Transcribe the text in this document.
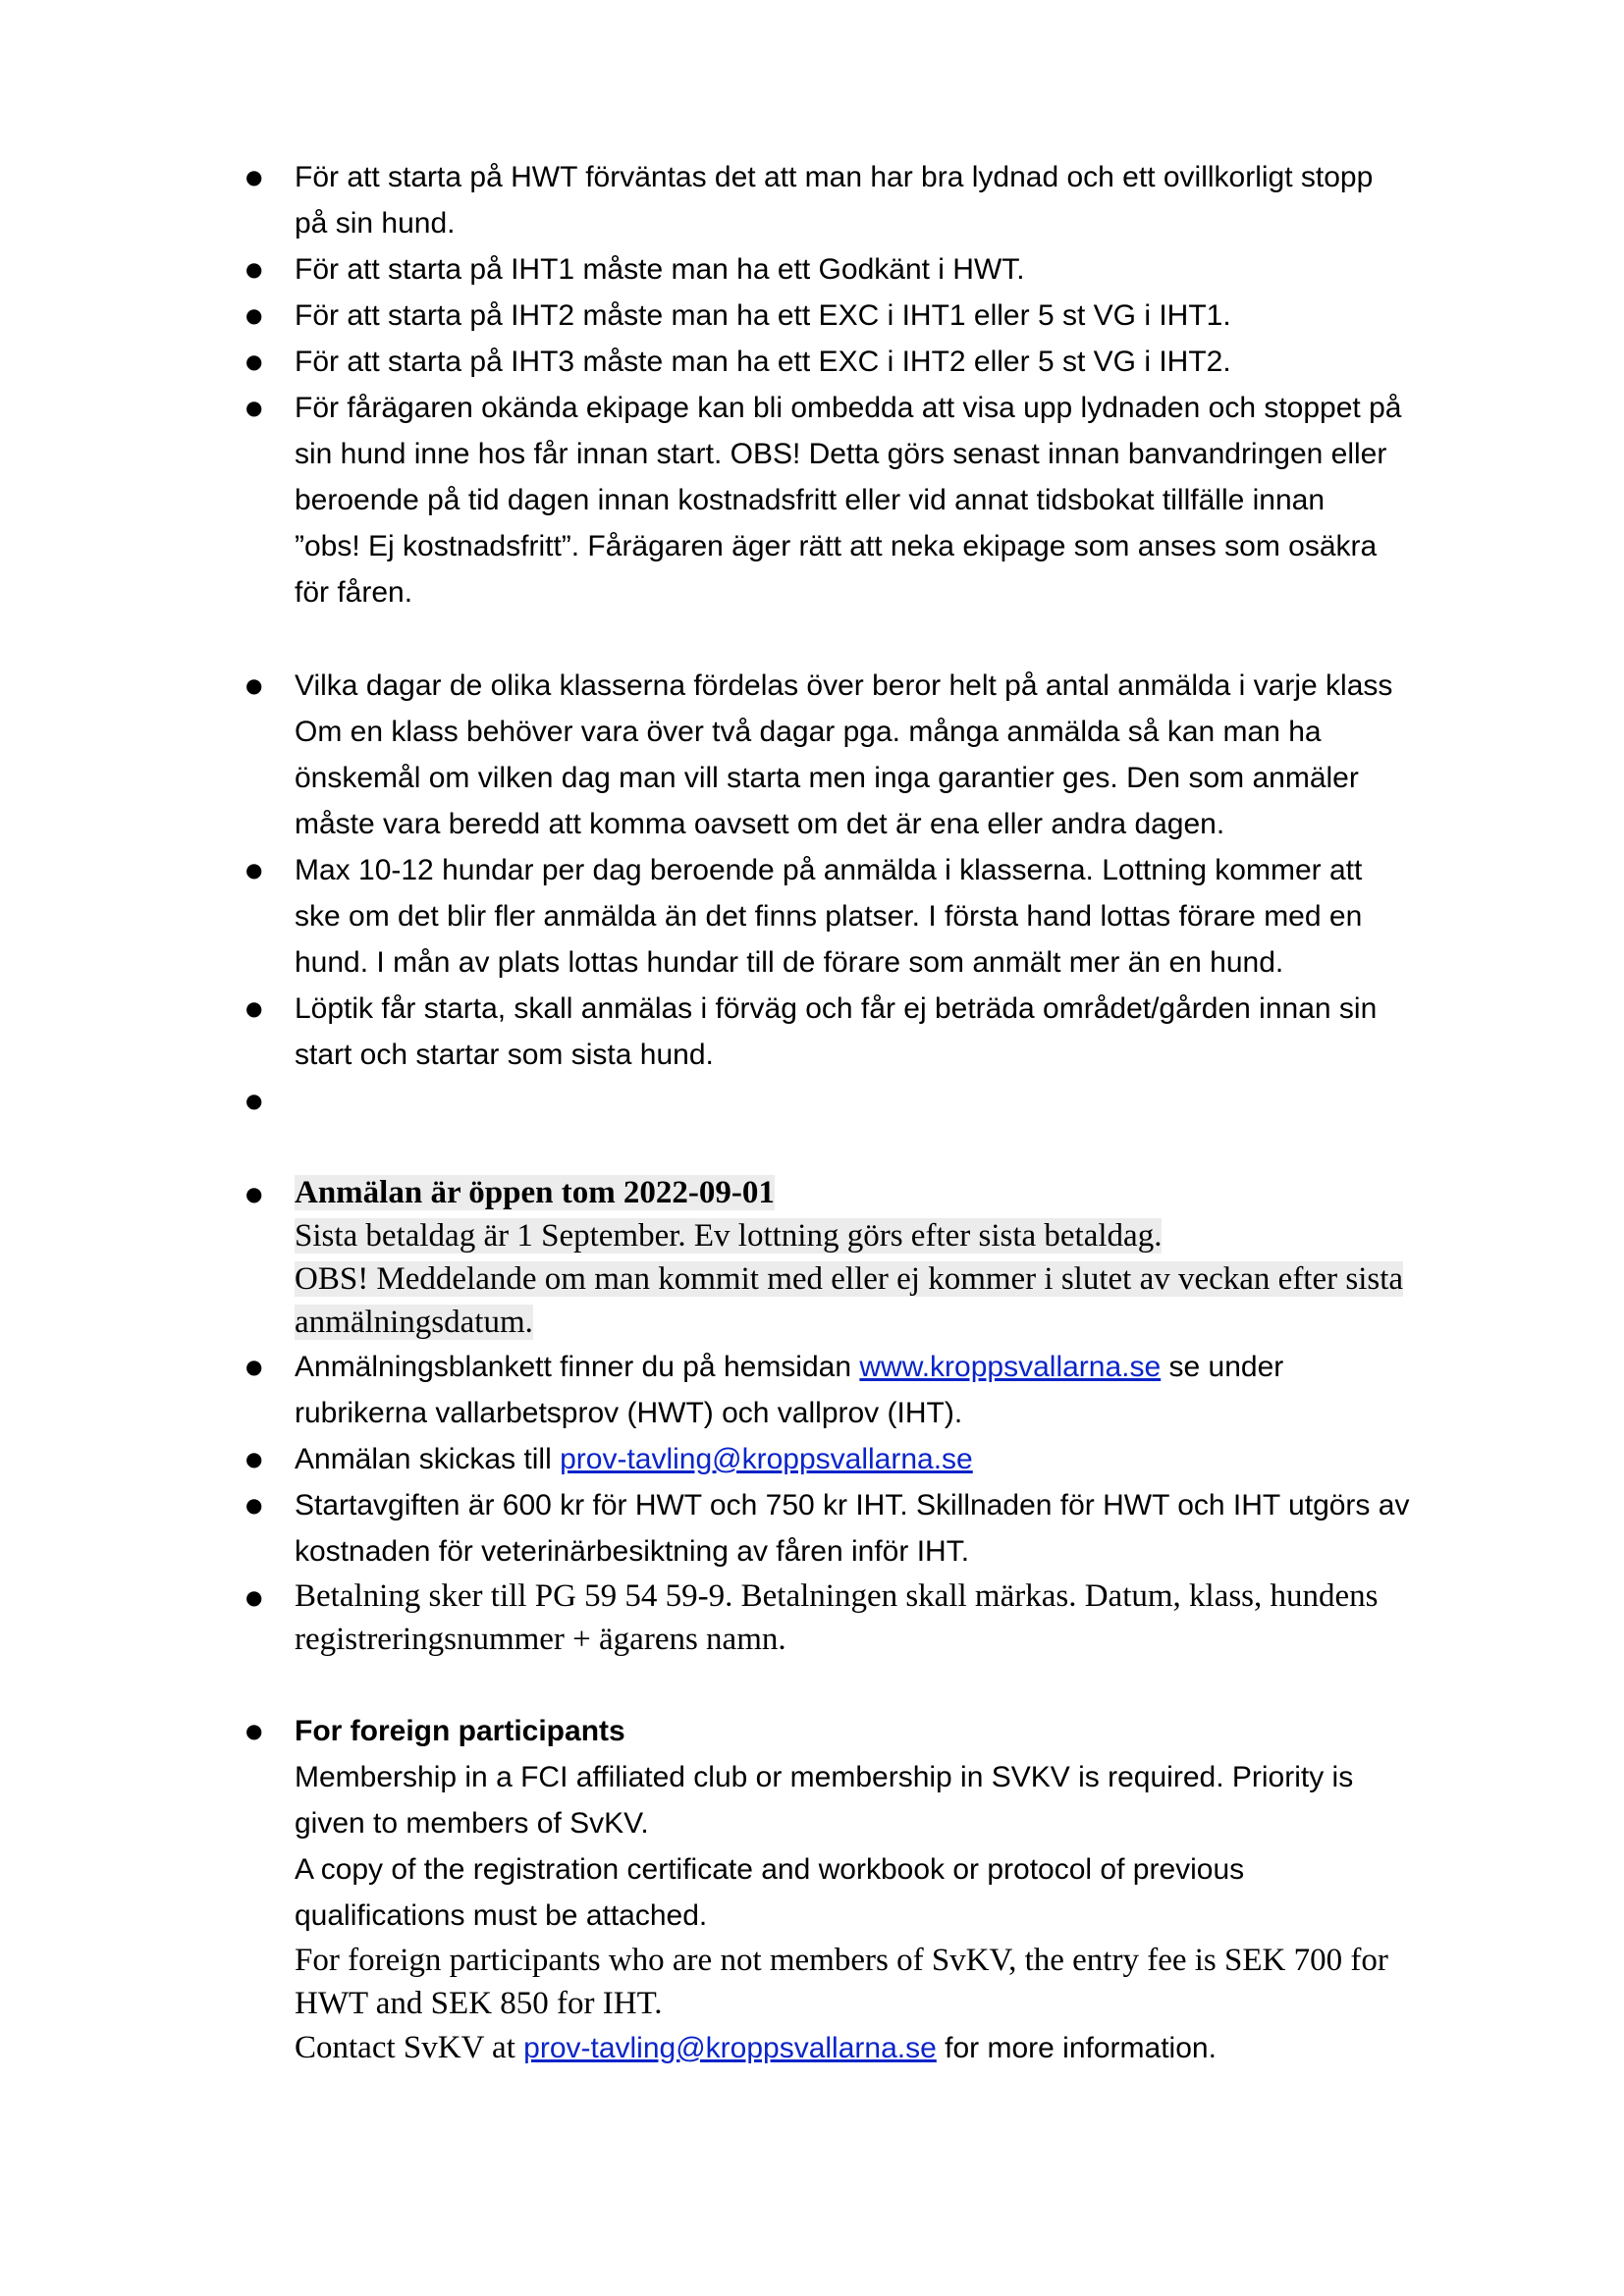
● För att starta på HWT förväntas det att man har bra lydnad och ett ovillkorligt stopp
på sin hund.
● För att starta på IHT1 måste man ha ett Godkänt i HWT.
● För att starta på IHT2 måste man ha ett EXC i IHT1 eller 5 st VG i IHT1.
● För att starta på IHT3 måste man ha ett EXC i IHT2 eller 5 st VG i IHT2.
● För fårägaren okända ekipage kan bli ombedda att visa upp lydnaden och stoppet på
sin hund inne hos får innan start. OBS! Detta görs senast innan banvandringen eller
beroende på tid dagen innan kostnadsfritt eller vid annat tidsbokat tillfälle innan
”obs! Ej kostnadsfritt”. Fårägaren äger rätt att neka ekipage som anses som osäkra
för fåren.
● Vilka dagar de olika klasserna fördelas över beror helt på antal anmälda i varje klass
Om en klass behöver vara över två dagar pga. många anmälda så kan man ha
önskemål om vilken dag man vill starta men inga garantier ges. Den som anmäler
måste vara beredd att komma oavsett om det är ena eller andra dagen.
● Max 10-12 hundar per dag beroende på anmälda i klasserna. Lottning kommer att
ske om det blir fler anmälda än det finns platser. I första hand lottas förare med en
hund. I mån av plats lottas hundar till de förare som anmält mer än en hund.
● Löptik får starta, skall anmälas i förväg och får ej beträda området/gården innan sin
start och startar som sista hund.
●
● Anmälan är öppen tom 2022-09-01
Sista betaldag är 1 September. Ev lottning görs efter sista betaldag.
OBS! Meddelande om man kommit med eller ej kommer i slutet av veckan efter sista
anmälningsdatum.
● Anmälningsblankett finner du på hemsidan www.kroppsvallarna.se se under
rubrikerna vallarbetsprov (HWT) och vallprov (IHT).
● Anmälan skickas till prov-tavling@kroppsvallarna.se
● Startavgiften är 600 kr för HWT och 750 kr IHT. Skillnaden för HWT och IHT utgörs av
kostnaden för veterinärbesiktning av fåren inför IHT.
● Betalning sker till PG 59 54 59-9. Betalningen skall märkas. Datum, klass, hundens
registreringsnummer + ägarens namn.
● For foreign participants
Membership in a FCI affiliated club or membership in SVKV is required. Priority is
given to members of SvKV.
A copy of the registration certificate and workbook or protocol of previous
qualifications must be attached.
For foreign participants who are not members of SvKV, the entry fee is SEK 700 for
HWT and SEK 850 for IHT.
Contact SvKV at prov-tavling@kroppsvallarna.se for more information.
